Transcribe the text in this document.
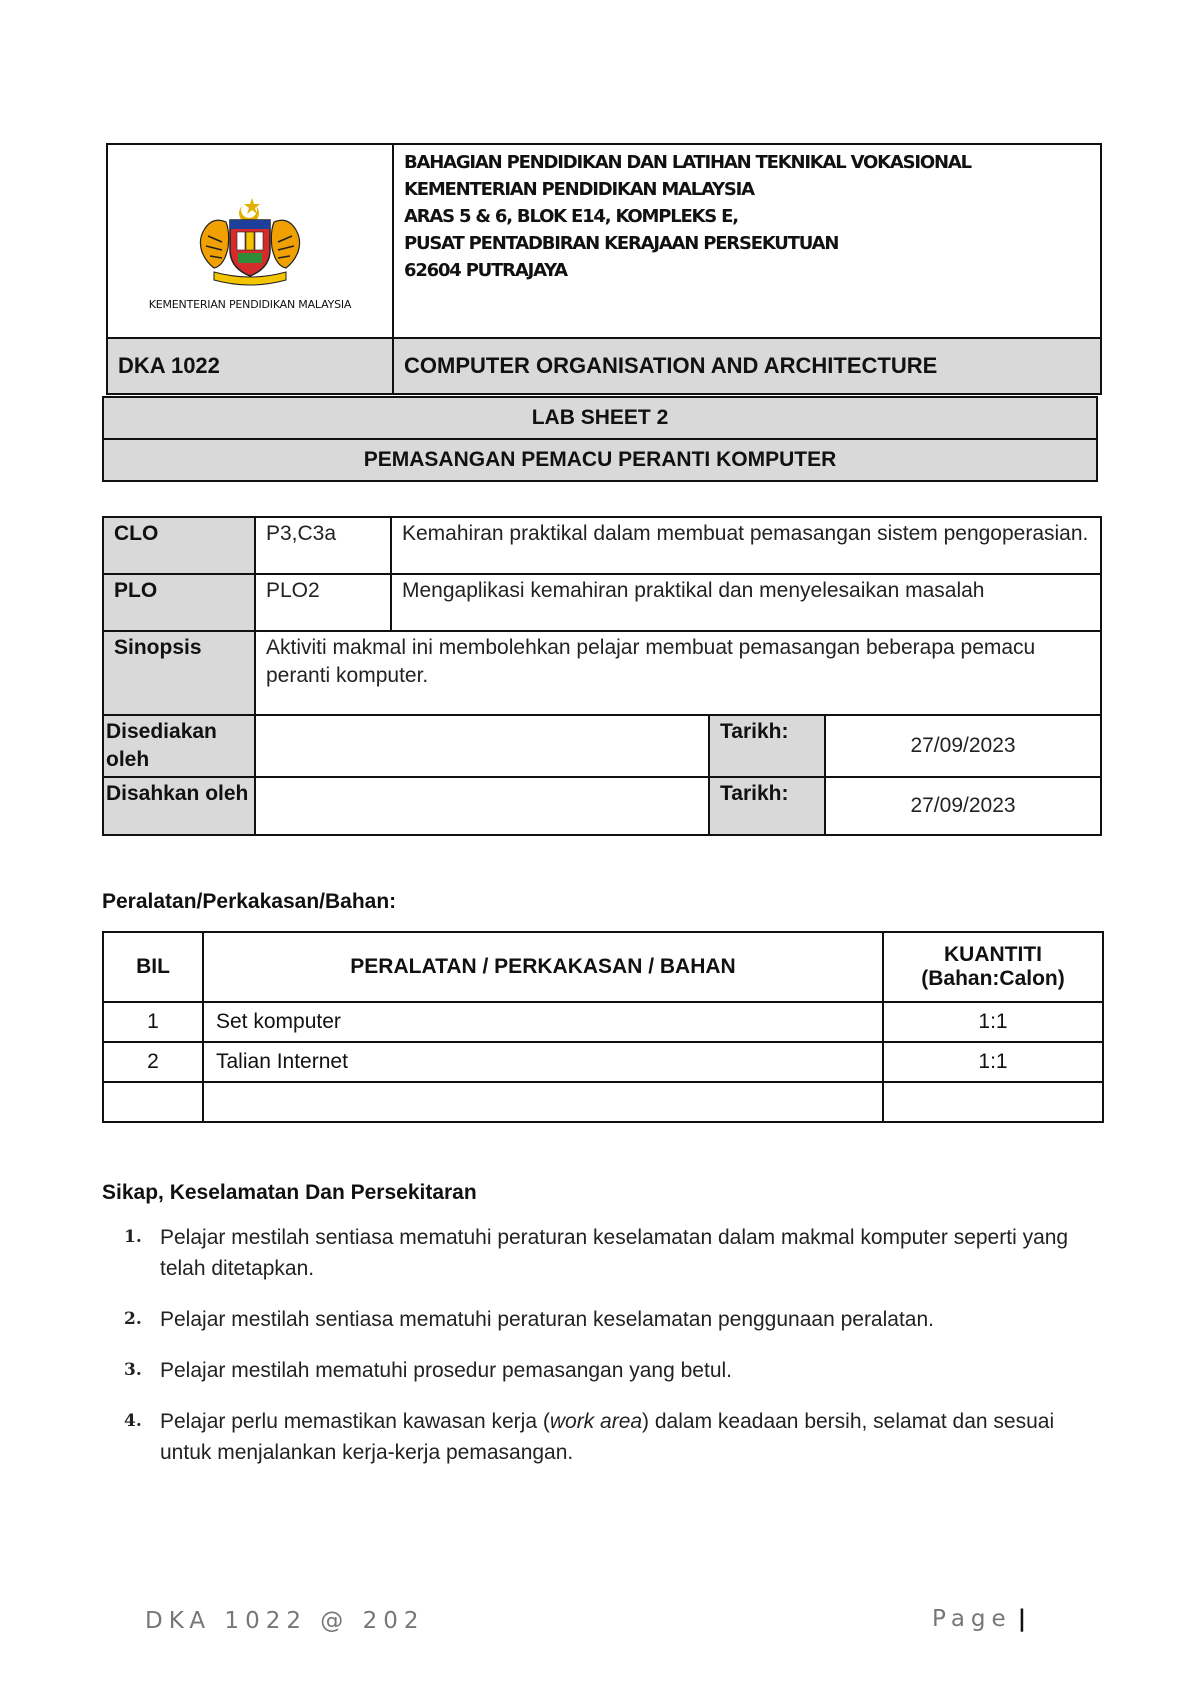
KEMENTERIAN PENDIDIKAN MALAYSIA	BAHAGIAN PENDIDIKAN DAN LATIHAN TEKNIKAL VOKASIONAL
KEMENTERIAN PENDIDIKAN MALAYSIA
ARAS 5 & 6, BLOK E14, KOMPLEKS E,
PUSAT PENTADBIRAN KERAJAAN PERSEKUTUAN
62604 PUTRAJAYA

DKA 1022	COMPUTER ORGANISATION AND ARCHITECTURE
LAB SHEET 2
PEMASANGAN PEMACU PERANTI KOMPUTER
CLO	P3,C3a	Kemahiran praktikal dalam membuat pemasangan sistem pengoperasian.		
PLO	PLO2	Mengaplikasi kemahiran praktikal dan menyelesaikan masalah		
Sinopsis	Aktiviti makmal ini membolehkan pelajar membuat pemasangan beberapa pemacu peranti komputer.			
Disediakan oleh			Tarikh:	27/09/2023
Disahkan oleh			Tarikh:	27/09/2023
Peralatan/Perkakasan/Bahan:
BIL	PERALATAN / PERKAKASAN / BAHAN	KUANTITI
(Bahan:Calon)

1	Set komputer	1:1
2	Talian Internet	1:1

Sikap, Keselamatan Dan Persekitaran
1. Pelajar mestilah sentiasa mematuhi peraturan keselamatan dalam makmal komputer seperti yang telah ditetapkan.
2. Pelajar mestilah sentiasa mematuhi peraturan keselamatan penggunaan peralatan.
3. Pelajar mestilah mematuhi prosedur pemasangan yang betul.
4. Pelajar perlu memastikan kawasan kerja (work area) dalam keadaan bersih, selamat dan sesuai untuk menjalankan kerja-kerja pemasangan.
DKA 1022 @ 202	Page |
